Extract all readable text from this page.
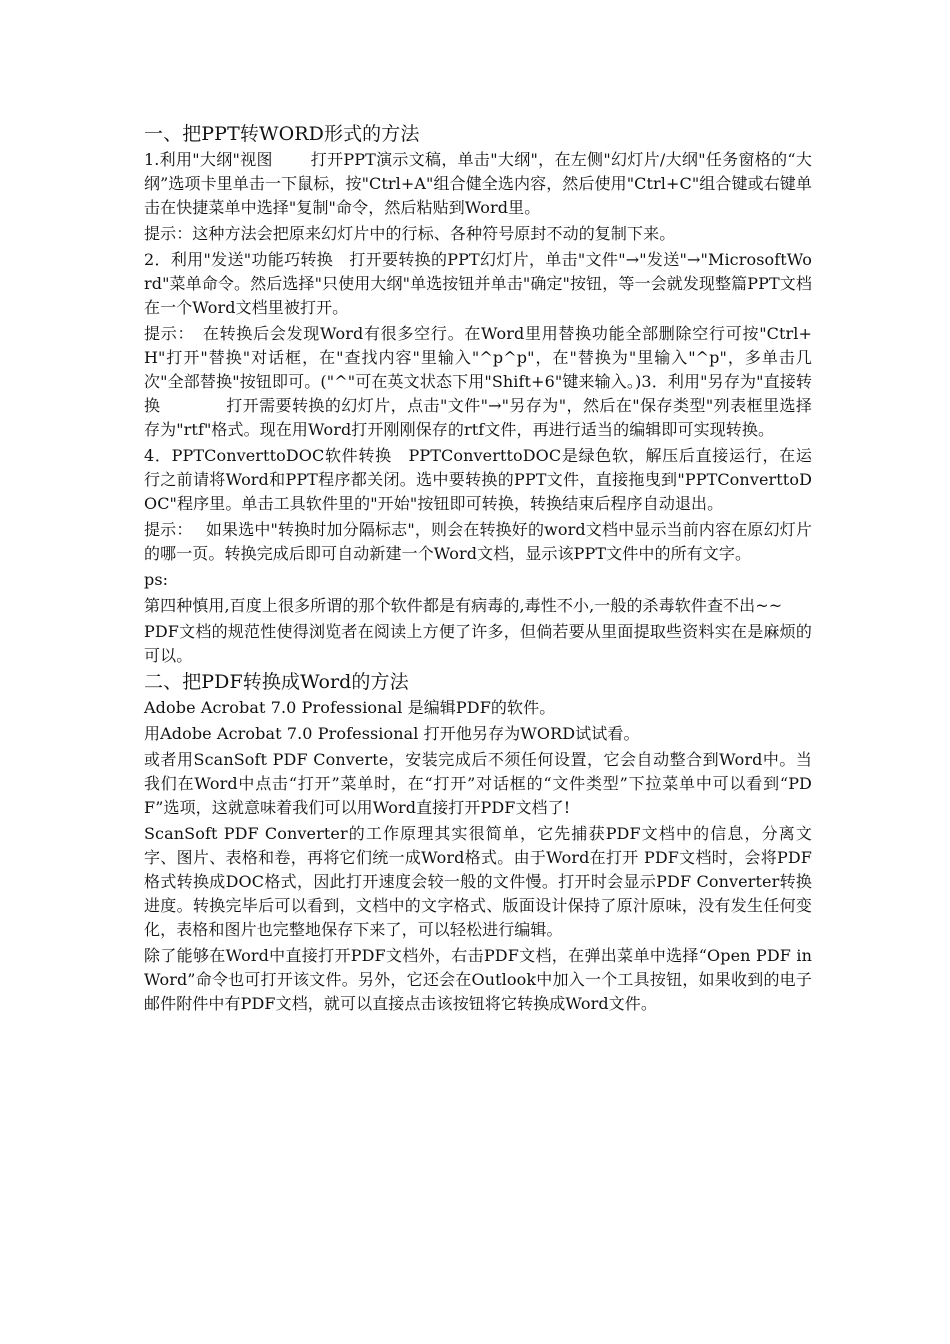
一、把PPT转WORD形式的方法

1.利用"大纲"视图　　 打开PPT演示文稿，单击"大纲"，在左侧"幻灯片/大纲"任务窗格的“大纲”选项卡里单击一下鼠标，按"Ctrl+A"组合健全选内容，然后使用"Ctrl+C"组合键或右键单击在快捷菜单中选择"复制"命令，然后粘贴到Word里。

提示：这种方法会把原来幻灯片中的行标、各种符号原封不动的复制下来。

2．利用"发送"功能巧转换　打开要转换的PPT幻灯片，单击"文件"→"发送"→"MicrosoftWord"菜单命令。然后选择"只使用大纲"单选按钮并单击"确定"按钮，等一会就发现整篇PPT文档在一个Word文档里被打开。

提示：　在转换后会发现Word有很多空行。在Word里用替换功能全部删除空行可按"Ctrl+H"打开"替换"对话框，在"查找内容"里输入"^p^p"，在"替换为"里输入"^p"，多单击几次"全部替换"按钮即可。("^"可在英文状态下用"Shift+6"键来输入。)3．利用"另存为"直接转换　　　　打开需要转换的幻灯片，点击"文件"→"另存为"，然后在"保存类型"列表框里选择存为"rtf"格式。现在用Word打开刚刚保存的rtf文件，再进行适当的编辑即可实现转换。

4．PPTConverttoDOC软件转换　PPTConverttoDOC是绿色软，解压后直接运行，在运行之前请将Word和PPT程序都关闭。选中要转换的PPT文件，直接拖曳到"PPTConverttoDOC"程序里。单击工具软件里的"开始"按钮即可转换，转换结束后程序自动退出。

提示：　 如果选中"转换时加分隔标志"，则会在转换好的word文档中显示当前内容在原幻灯片的哪一页。转换完成后即可自动新建一个Word文档，显示该PPT文件中的所有文字。

ps:

第四种慎用,百度上很多所谓的那个软件都是有病毒的,毒性不小,一般的杀毒软件查不出~~

PDF文档的规范性使得浏览者在阅读上方便了许多，但倘若要从里面提取些资料实在是麻烦的可以。

二、把PDF转换成Word的方法

Adobe Acrobat 7.0 Professional 是编辑PDF的软件。

用Adobe Acrobat 7.0 Professional 打开他另存为WORD试试看。

或者用ScanSoft PDF Converte，安装完成后不须任何设置，它会自动整合到Word中。当我们在Word中点击“打开”菜单时，在“打开”对话框的“文件类型”下拉菜单中可以看到“PDF”选项，这就意味着我们可以用Word直接打开PDF文档了!

ScanSoft PDF Converter的工作原理其实很简单，它先捕获PDF文档中的信息，分离文字、图片、表格和卷，再将它们统一成Word格式。由于Word在打开 PDF文档时，会将PDF格式转换成DOC格式，因此打开速度会较一般的文件慢。打开时会显示PDF Converter转换进度。转换完毕后可以看到，文档中的文字格式、版面设计保持了原汁原味，没有发生任何变化，表格和图片也完整地保存下来了，可以轻松进行编辑。

除了能够在Word中直接打开PDF文档外，右击PDF文档，在弹出菜单中选择“Open PDF in Word”命令也可打开该文件。另外，它还会在Outlook中加入一个工具按钮，如果收到的电子邮件附件中有PDF文档，就可以直接点击该按钮将它转换成Word文件。
